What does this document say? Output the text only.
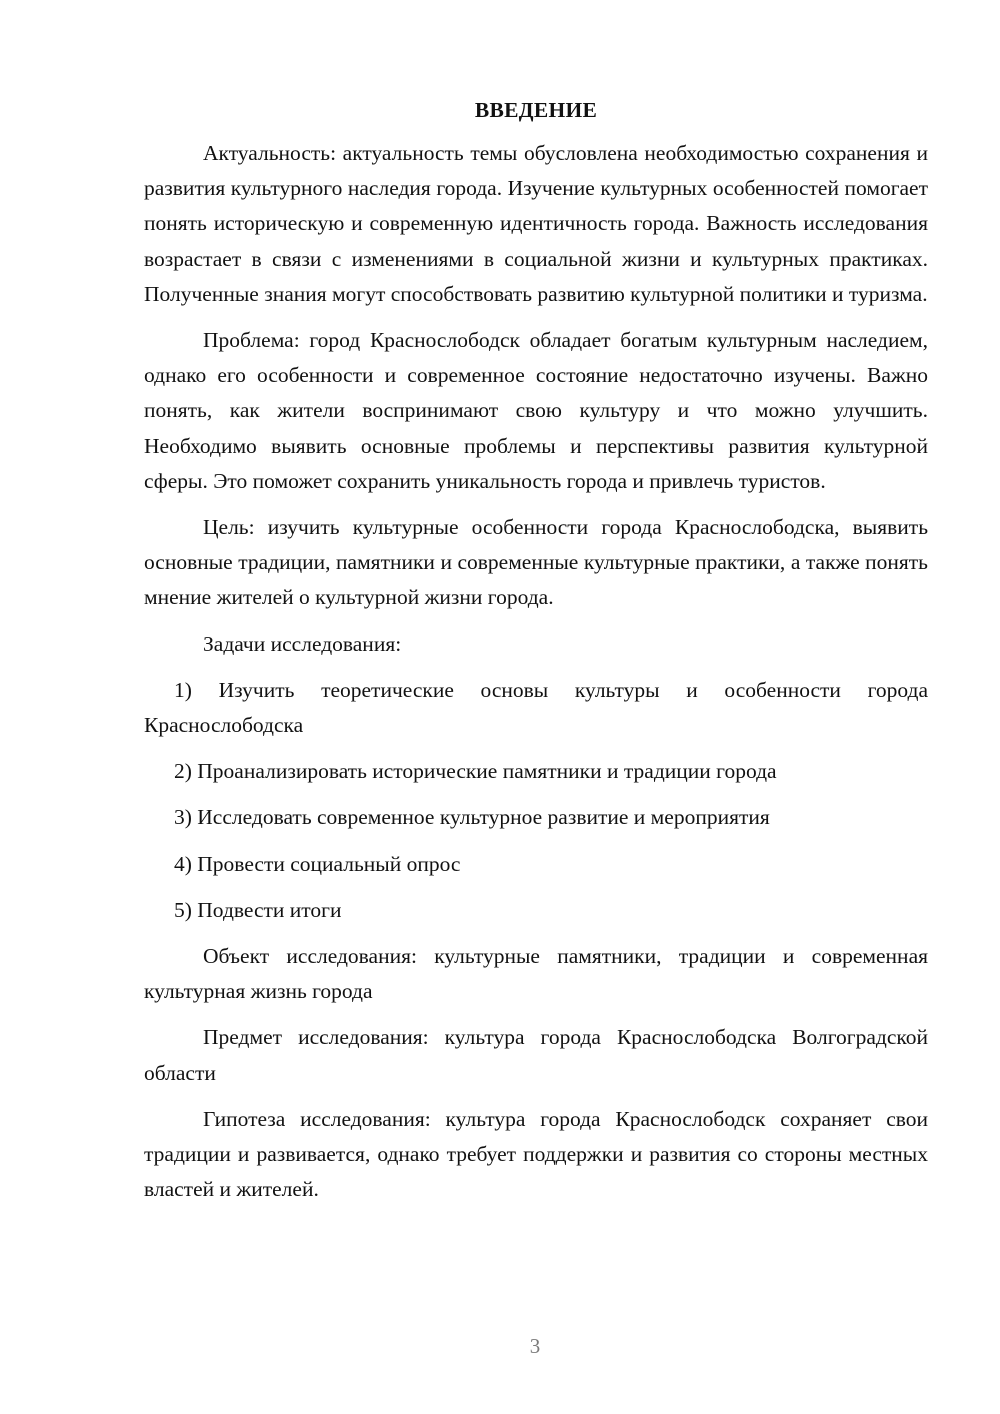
ВВЕДЕНИЕ

Актуальность: актуальность темы обусловлена необходимостью сохранения и развития культурного наследия города. Изучение культурных особенностей помогает понять историческую и современную идентичность города. Важность исследования возрастает в связи с изменениями в социальной жизни и культурных практиках. Полученные знания могут способствовать развитию культурной политики и туризма.

Проблема: город Краснослободск обладает богатым культурным наследием, однако его особенности и современное состояние недостаточно изучены. Важно понять, как жители воспринимают свою культуру и что можно улучшить. Необходимо выявить основные проблемы и перспективы развития культурной сферы. Это поможет сохранить уникальность города и привлечь туристов.

Цель: изучить культурные особенности города Краснослободска, выявить основные традиции, памятники и современные культурные практики, а также понять мнение жителей о культурной жизни города.

Задачи исследования:

1) Изучить теоретические основы культуры и особенности города Краснослободска

2) Проанализировать исторические памятники и традиции города

3) Исследовать современное культурное развитие и мероприятия

4) Провести социальный опрос

5) Подвести итоги

Объект исследования: культурные памятники, традиции и современная культурная жизнь города

Предмет исследования: культура города Краснослободска Волгоградской области

Гипотеза исследования: культура города Краснослободск сохраняет свои традиции и развивается, однако требует поддержки и развития со стороны местных властей и жителей.

3
